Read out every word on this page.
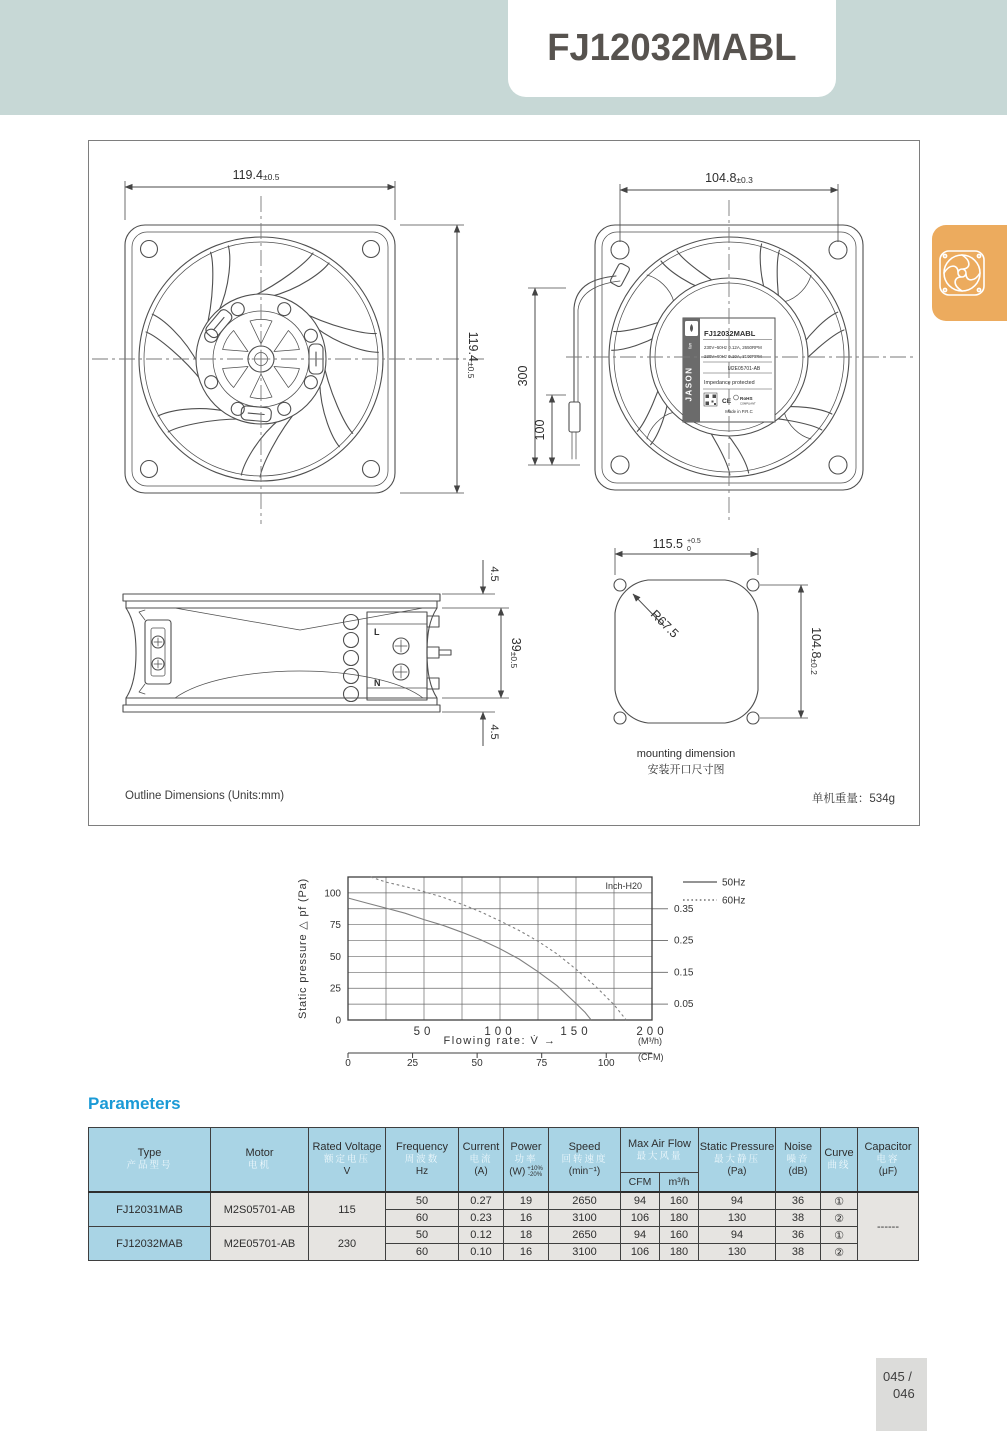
FJ12032MABL
119.4±0.5
119.4±0.5
fan
JASON
FJ12032MABL
230V~50Hz 0.12A, 2650RPM
230V~60Hz 0.10A, 3100RPM
M2E05701-AB
Impedance protected
CE RoHS
COMPLIANT
Made in P.R.C
104.8±0.3
300
100
L
N
4.5
39±0.5
4.5
115.5 +0.5
0
104.8±0.2
R67.5
mounting dimension
安装开口尺寸图
Outline Dimensions (Units:mm)	单机重量：534g
0.35
0.25
0.15
0.05
0
25
50
75
100
50	100	150	200
Inch-H20
Flowing rate: V̇ →	(M³/h)
0	25	50	75	100
(CFM)
Static pressure △ pf (Pa)	50Hz
60Hz
Parameters
Type
产品型号

Motor
电机

Rated Voltage
额定电压
V

Frequency
周波数
Hz

Current
电流
(A)

Power
功率
(W) +10%
-20%

Speed
回转速度
(min⁻¹)

Max Air Flow
最大风量

Static Pressure
最大静压
(Pa)

Noise
噪音
(dB)

Curve
曲线

Capacitor
电容
(μF)

							CFM	m³/h				
FJ12031MAB	M2S05701-AB	115	50	0.27	19	2650	94	160	94	36	①	------
			60	0.23	16	3100	106	180	130	38	②	
FJ12032MAB	M2E05701-AB	230	50	0.12	18	2650	94	160	94	36	①	
			60	0.10	16	3100	106	180	130	38	②	
045 /
046
